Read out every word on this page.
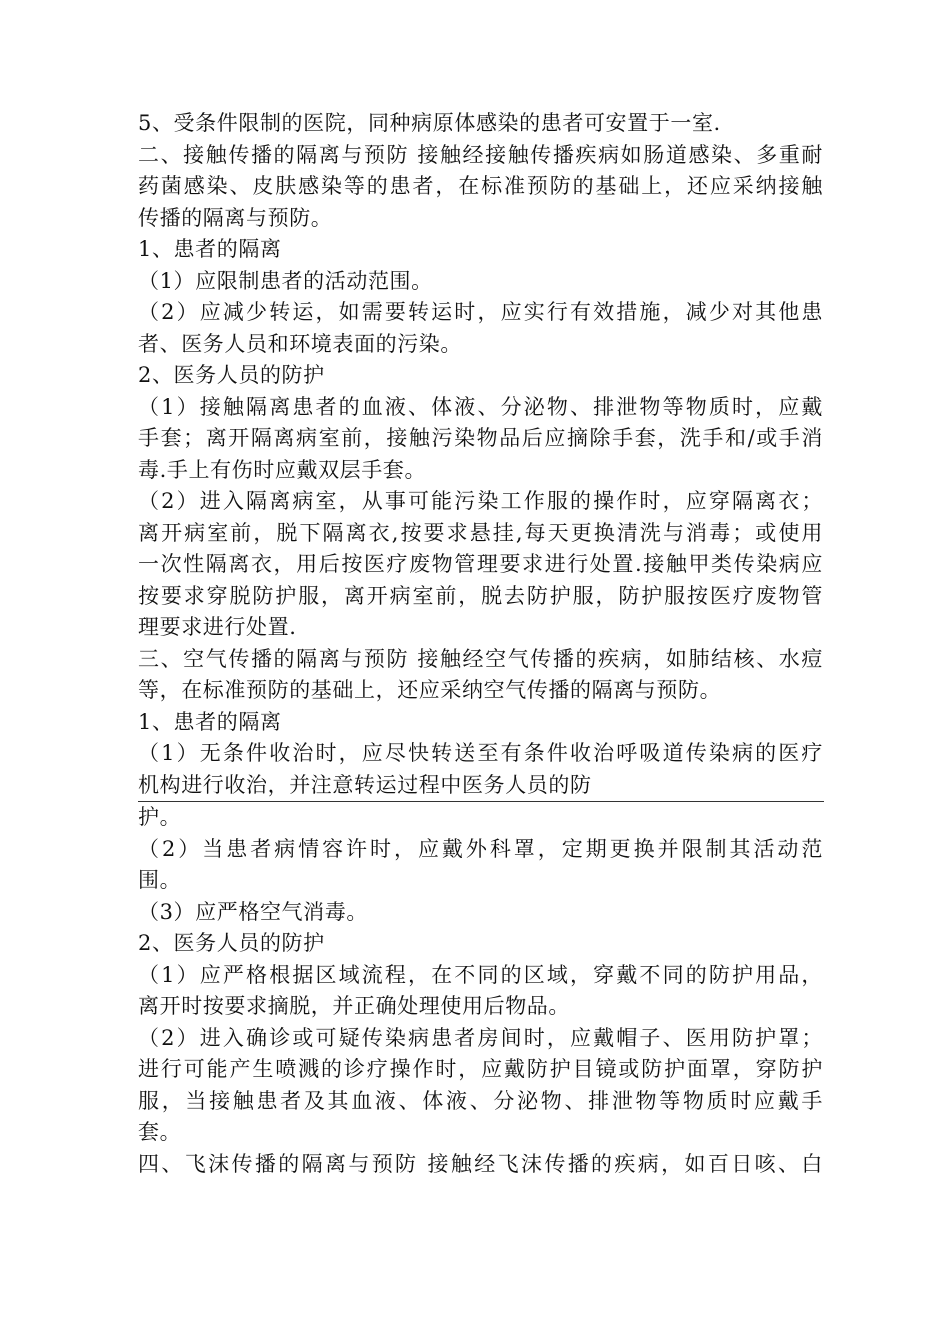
5、受条件限制的医院，同种病原体感染的患者可安置于一室.
二、接触传播的隔离与预防 接触经接触传播疾病如肠道感染、多重耐
药菌感染、皮肤感染等的患者，在标准预防的基础上，还应采纳接触
传播的隔离与预防。
1、患者的隔离
（1）应限制患者的活动范围。
（2）应减少转运，如需要转运时，应实行有效措施，减少对其他患
者、医务人员和环境表面的污染。
2、医务人员的防护
（1）接触隔离患者的血液、体液、分泌物、排泄物等物质时，应戴
手套；离开隔离病室前，接触污染物品后应摘除手套，洗手和/或手消
毒.手上有伤时应戴双层手套。
（2）进入隔离病室，从事可能污染工作服的操作时，应穿隔离衣；
离开病室前，脱下隔离衣,按要求悬挂,每天更换清洗与消毒；或使用
一次性隔离衣，用后按医疗废物管理要求进行处置.接触甲类传染病应
按要求穿脱防护服，离开病室前，脱去防护服，防护服按医疗废物管
理要求进行处置.
三、空气传播的隔离与预防 接触经空气传播的疾病，如肺结核、水痘
等，在标准预防的基础上，还应采纳空气传播的隔离与预防。
1、患者的隔离
（1）无条件收治时，应尽快转送至有条件收治呼吸道传染病的医疗
机构进行收治，并注意转运过程中医务人员的防
护。
（2）当患者病情容许时，应戴外科罩，定期更换并限制其活动范
围。
（3）应严格空气消毒。
2、医务人员的防护
（1）应严格根据区域流程，在不同的区域，穿戴不同的防护用品，
离开时按要求摘脱，并正确处理使用后物品。
（2）进入确诊或可疑传染病患者房间时，应戴帽子、医用防护罩；
进行可能产生喷溅的诊疗操作时，应戴防护目镜或防护面罩，穿防护
服，当接触患者及其血液、体液、分泌物、排泄物等物质时应戴手
套。
四、飞沫传播的隔离与预防 接触经飞沫传播的疾病，如百日咳、白
